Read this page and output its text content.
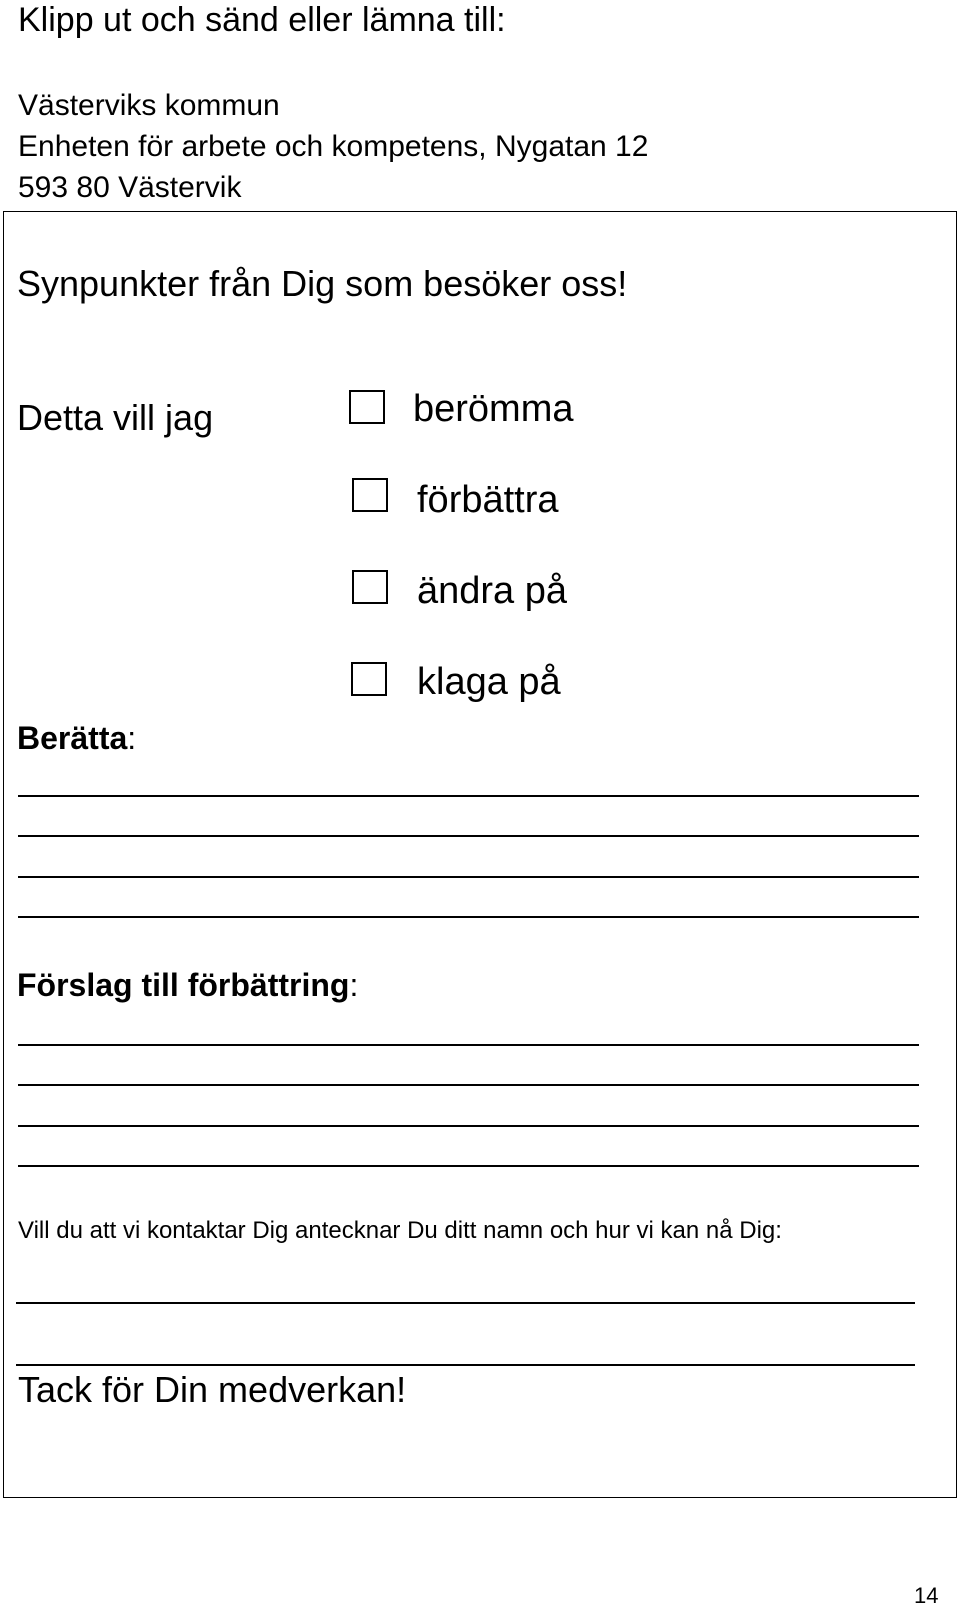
Klipp ut och sänd eller lämna till:
Västerviks kommun
Enheten för arbete och kompetens, Nygatan 12
593 80 Västervik
Synpunkter från Dig som besöker oss!
Detta vill jag	berömma
förbättra
ändra på
klaga på
Berätta:
Förslag till förbättring:
Vill du att vi kontaktar Dig antecknar Du ditt namn och hur vi kan nå Dig:
Tack för Din medverkan!
14
